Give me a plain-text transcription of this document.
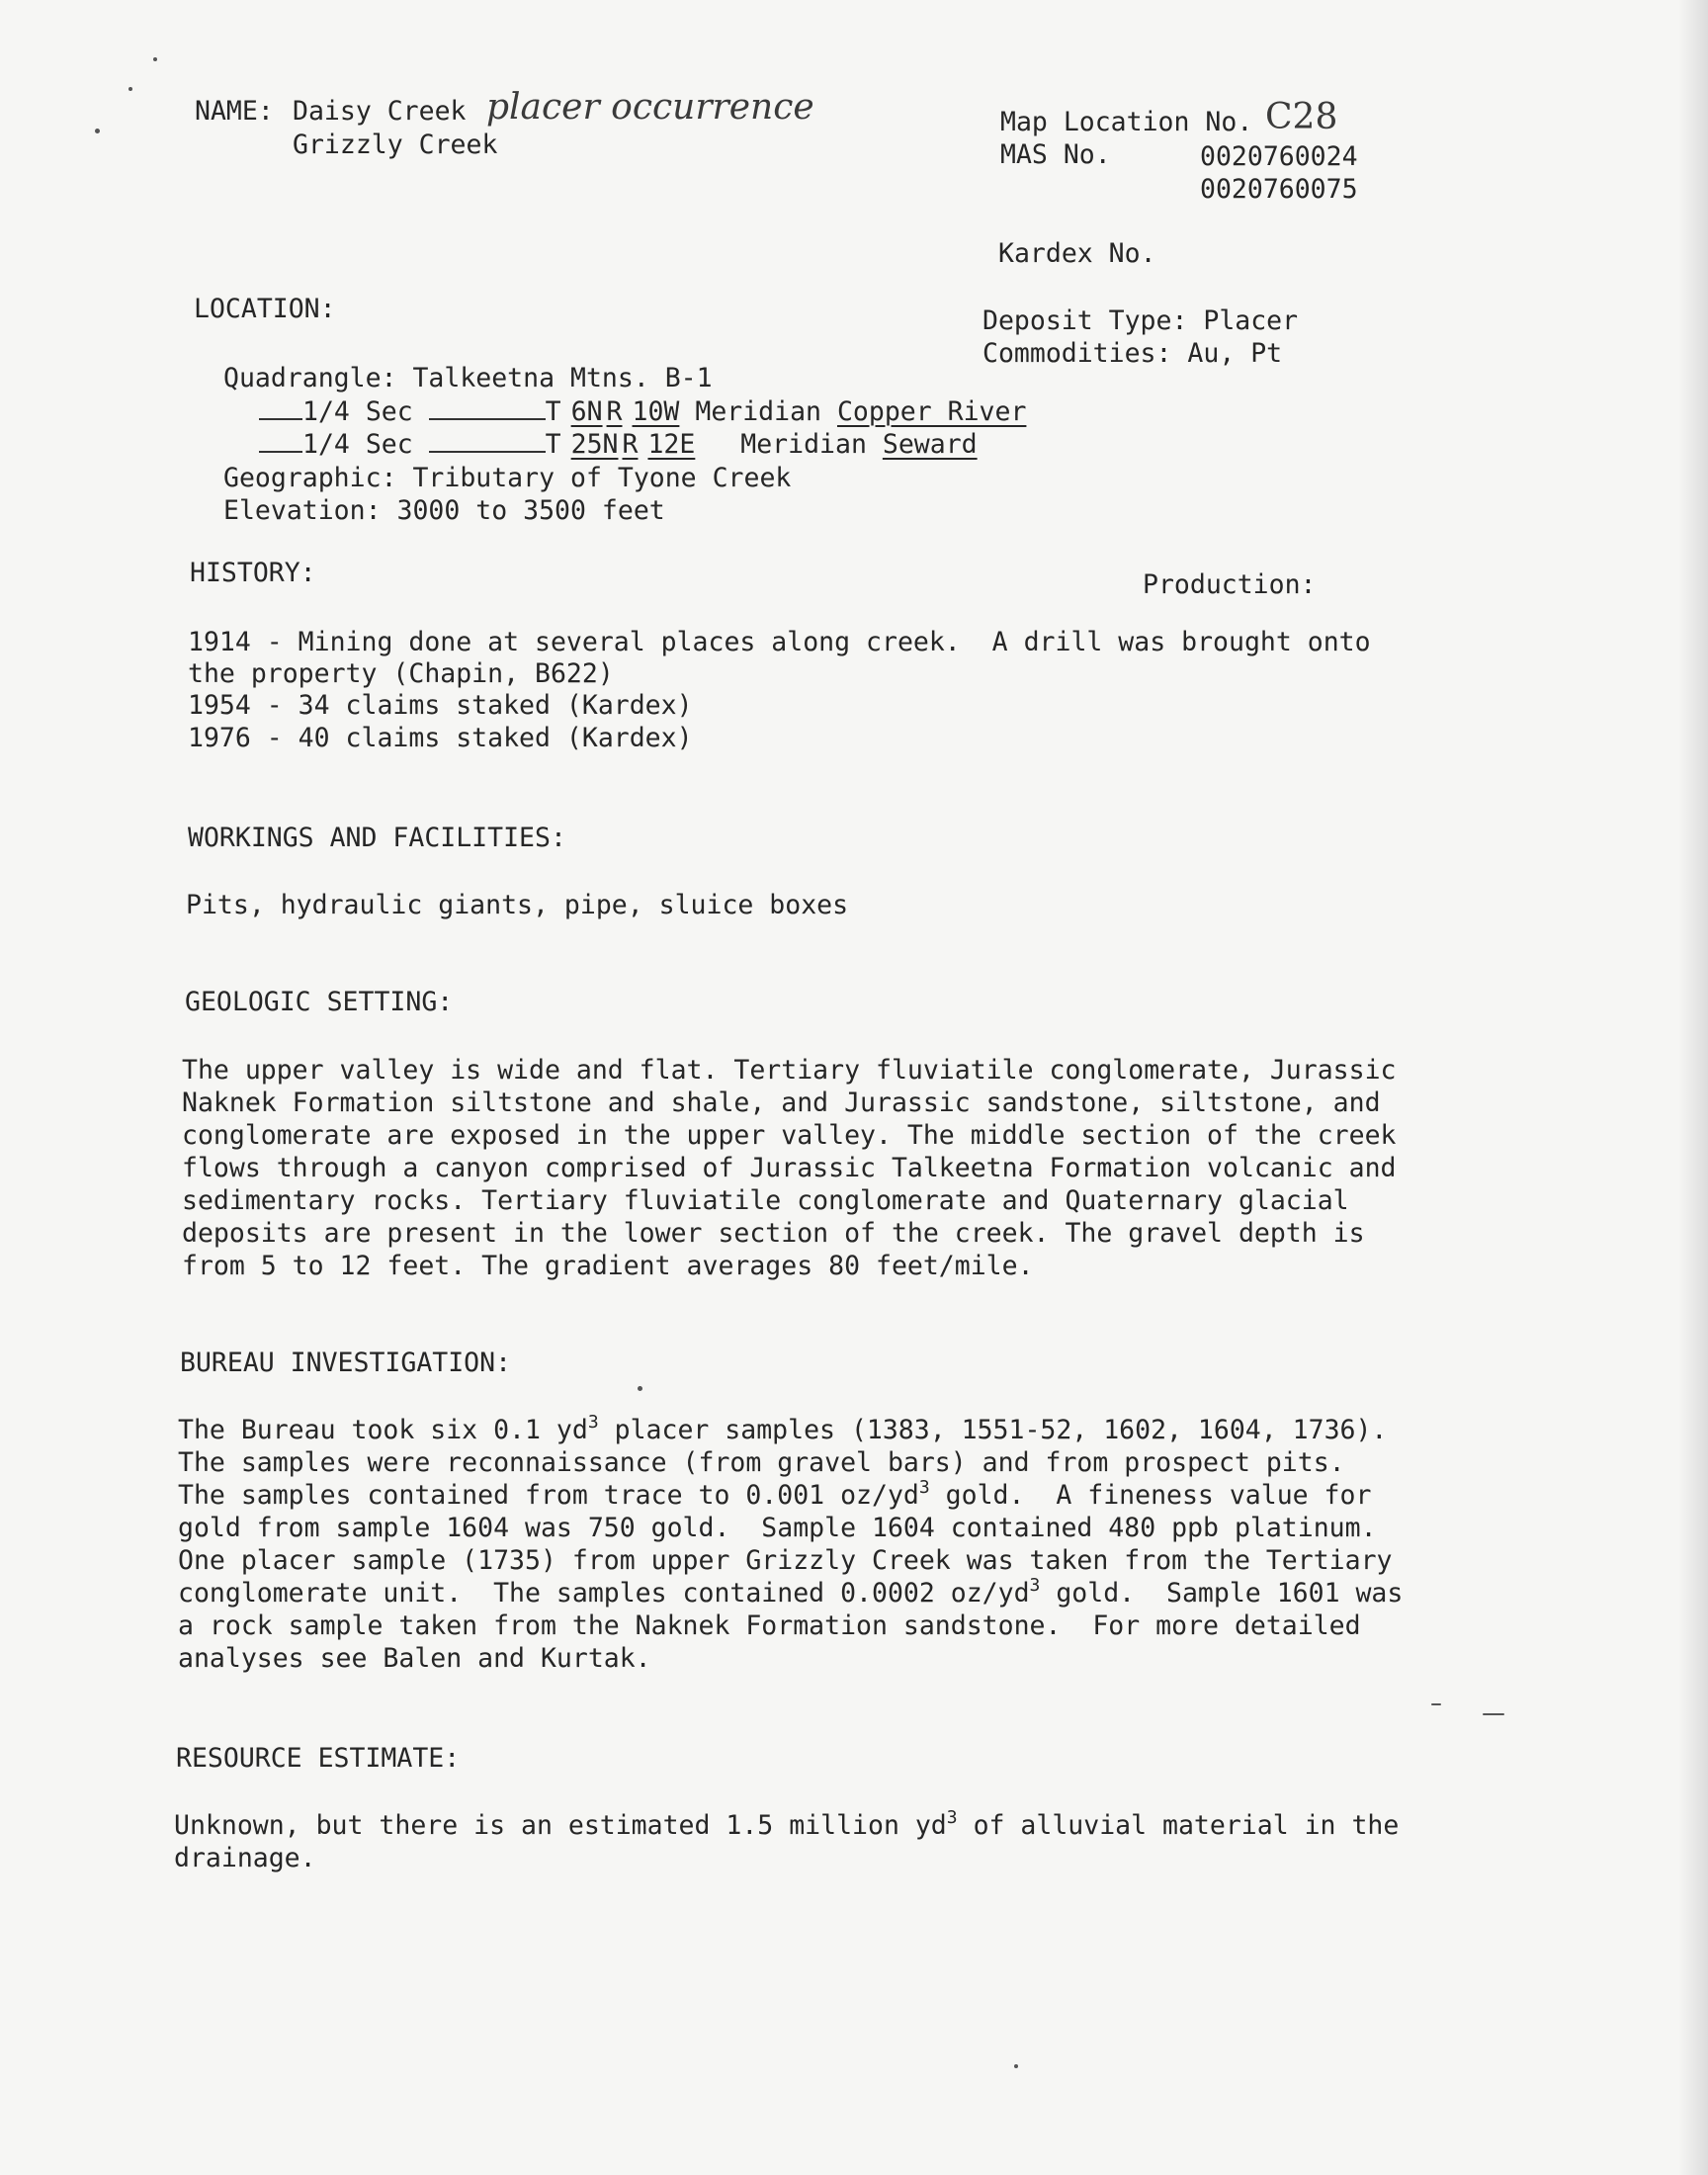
NAME: Daisy Creek placer occurrence
Grizzly Creek
Map Location No. C28
MAS No.	0020760024
0020760075
Kardex No.
LOCATION:	Deposit Type: Placer
Commodities: Au, Pt
Quadrangle: Talkeetna Mtns. B-1
1/4 Sec	T 6N R 10W Meridian Copper River
1/4 Sec	T 25N R 12E Meridian Seward
Geographic: Tributary of Tyone Creek
Elevation: 3000 to 3500 feet
HISTORY:	Production:
1914 - Mining done at several places along creek.  A drill was brought onto
the property (Chapin, B622)
1954 - 34 claims staked (Kardex)
1976 - 40 claims staked (Kardex)
WORKINGS AND FACILITIES:
Pits, hydraulic giants, pipe, sluice boxes
GEOLOGIC SETTING:
The upper valley is wide and flat. Tertiary fluviatile conglomerate, Jurassic
Naknek Formation siltstone and shale, and Jurassic sandstone, siltstone, and
conglomerate are exposed in the upper valley. The middle section of the creek
flows through a canyon comprised of Jurassic Talkeetna Formation volcanic and
sedimentary rocks. Tertiary fluviatile conglomerate and Quaternary glacial
deposits are present in the lower section of the creek. The gravel depth is
from 5 to 12 feet. The gradient averages 80 feet/mile.
BUREAU INVESTIGATION:
The Bureau took six 0.1 $yd^3$ placer samples (1383, 1551-52, 1602, 1604, 1736).
The samples were reconnaissance (from gravel bars) and from prospect pits.
The samples contained from trace to 0.001 $oz/yd^3$ gold.  A fineness value for
gold from sample 1604 was 750 gold.  Sample 1604 contained 480 ppb platinum.
One placer sample (1735) from upper Grizzly Creek was taken from the Tertiary
conglomerate unit.  The samples contained 0.0002 $oz/yd^3$ gold.  Sample 1601 was
a rock sample taken from the Naknek Formation sandstone.  For more detailed
analyses see Balen and Kurtak.
RESOURCE ESTIMATE:
Unknown, but there is an estimated 1.5 million $yd^3$ of alluvial material in the
drainage.
